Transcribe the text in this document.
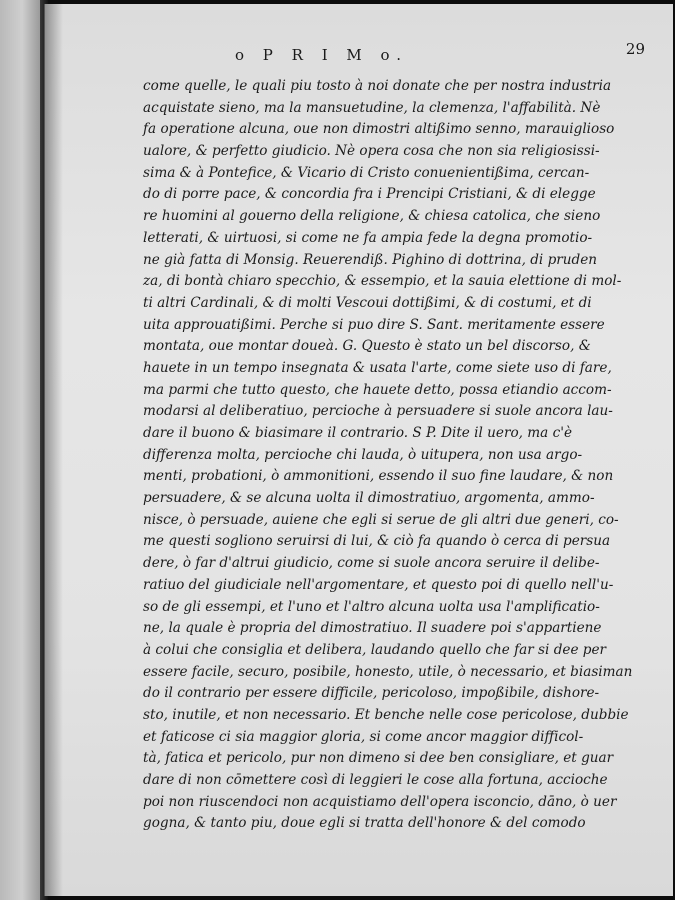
o P R I M o.	29
come quelle, le quali piu tosto à noi donate che per nostra industria
acquistate sieno, ma la mansuetudine, la clemenza, l'affabilità. Nè
fa operatione alcuna, oue non dimostri altißimo senno, marauiglioso
ualore, & perfetto giudicio. Nè opera cosa che non sia religiosissi-
sima & à Pontefice, & Vicario di Cristo conuenientißima, cercan-
do di porre pace, & concordia fra i Prencipi Cristiani, & di elegge
re huomini al gouerno della religione, & chiesa catolica, che sieno
letterati, & uirtuosi, si come ne fa ampia fede la degna promotio-
ne già fatta di Monsig. Reuerendiß. Pighino di dottrina, di pruden
za, di bontà chiaro specchio, & essempio, et la sauia elettione di mol-
ti altri Cardinali, & di molti Vescoui dottißimi, & di costumi, et di
uita approuatißimi. Perche si puo dire S. Sant. meritamente essere
montata, oue montar doueà. G. Questo è stato un bel discorso, &
hauete in un tempo insegnata & usata l'arte, come siete uso di fare,
ma parmi che tutto questo, che hauete detto, possa etiandio accom-
modarsi al deliberatiuo, percioche à persuadere si suole ancora lau-
dare il buono & biasimare il contrario. S P. Dite il uero, ma c'è
differenza molta, percioche chi lauda, ò uitupera, non usa argo-
menti, probationi, ò ammonitioni, essendo il suo fine laudare, & non
persuadere, & se alcuna uolta il dimostratiuo, argomenta, ammo-
nisce, ò persuade, auiene che egli si serue de gli altri due generi, co-
me questi sogliono seruirsi di lui, & ciò fa quando ò cerca di persua
dere, ò far d'altrui giudicio, come si suole ancora seruire il delibe-
ratiuo del giudiciale nell'argomentare, et questo poi di quello nell'u-
so de gli essempi, et l'uno et l'altro alcuna uolta usa l'amplificatio-
ne, la quale è propria del dimostratiuo. Il suadere poi s'appartiene
à colui che consiglia et delibera, laudando quello che far si dee per
essere facile, securo, posibile, honesto, utile, ò necessario, et biasiman
do il contrario per essere difficile, pericoloso, impoßibile, dishore-
sto, inutile, et non necessario. Et benche nelle cose pericolose, dubbie
et faticose ci sia maggior gloria, si come ancor maggior difficol-
tà, fatica et pericolo, pur non dimeno si dee ben consigliare, et guar
dare di non cōmettere così di leggieri le cose alla fortuna, accioche
poi non riuscendoci non acquistiamo dell'opera isconcio, dāno, ò uer
gogna, & tanto piu, doue egli si tratta dell'honore & del comodo
